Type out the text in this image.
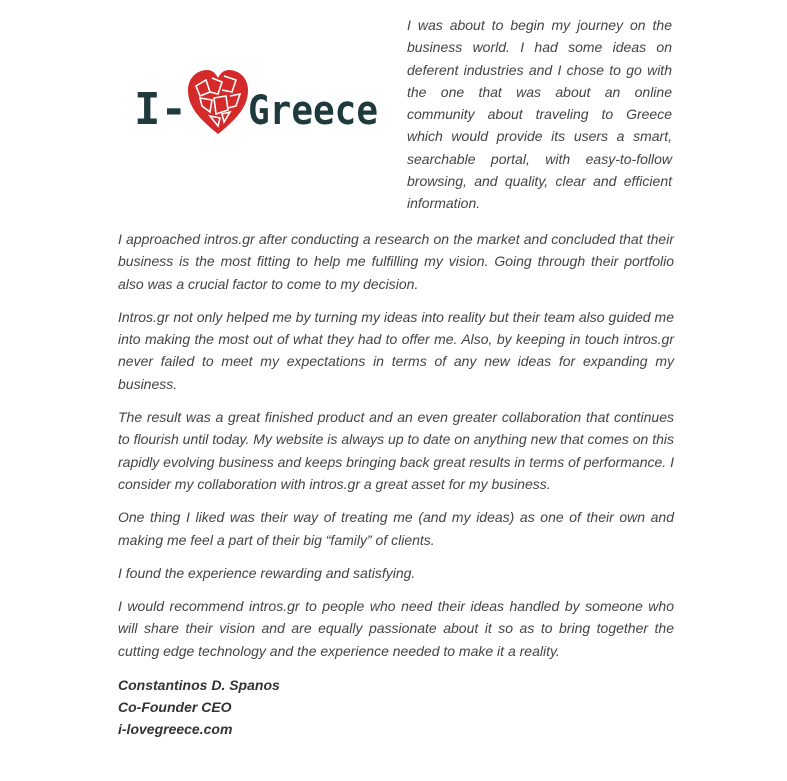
I- Greece

I was about to begin my journey on the business world. I had some ideas on deferent industries and I chose to go with the one that was about an online community about traveling to Greece which would provide its users a smart, searchable portal, with easy-to-follow browsing, and quality, clear and efficient information.

I approached intros.gr after conducting a research on the market and concluded that their business is the most fitting to help me fulfilling my vision. Going through their portfolio also was a crucial factor to come to my decision.

Intros.gr not only helped me by turning my ideas into reality but their team also guided me into making the most out of what they had to offer me. Also, by keeping in touch intros.gr never failed to meet my expectations in terms of any new ideas for expanding my business.

The result was a great finished product and an even greater collaboration that continues to flourish until today. My website is always up to date on anything new that comes on this rapidly evolving business and keeps bringing back great results in terms of performance. I consider my collaboration with intros.gr a great asset for my business.

One thing I liked was their way of treating me (and my ideas) as one of their own and making me feel a part of their big “family” of clients.

I found the experience rewarding and satisfying.

I would recommend intros.gr to people who need their ideas handled by someone who will share their vision and are equally passionate about it so as to bring together the cutting edge technology and the experience needed to make it a reality.

Constantinos D. Spanos
Co-Founder CEO
i-lovegreece.com
